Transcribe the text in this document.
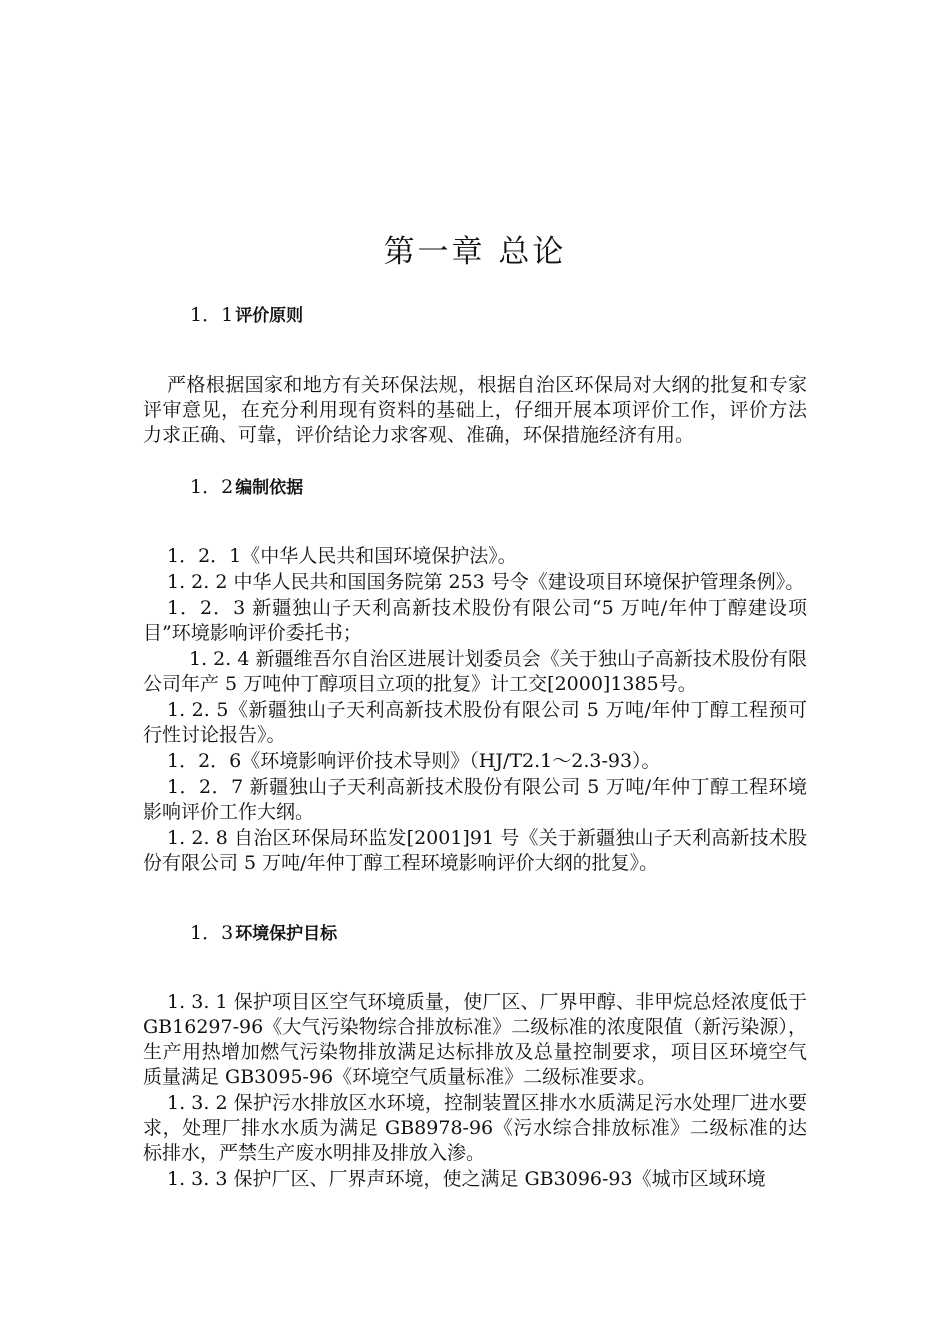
第一章 总论
1．1 评价原则

严格根据国家和地方有关环保法规，根据自治区环保局对大纲的批复和专家评审意见，在充分利用现有资料的基础上，仔细开展本项评价工作，评价方法力求正确、可靠，评价结论力求客观、准确，环保措施经济有用。

1．2 编制依据

1．2．1《中华人民共和国环境保护法》。

1. 2. 2 中华人民共和国国务院第 253 号令《建设项目环境保护管理条例》。

1．2．3 新疆独山子天利高新技术股份有限公司“5 万吨/年仲丁醇建设项目”环境影响评价委托书；

1. 2. 4 新疆维吾尔自治区进展计划委员会《关于独山子高新技术股份有限公司年产 5 万吨仲丁醇项目立项的批复》计工交[2000]1385号。

1. 2. 5《新疆独山子天利高新技术股份有限公司 5 万吨/年仲丁醇工程预可行性讨论报告》。

1．2．6《环境影响评价技术导则》（HJ/T2.1～2.3-93）。

1．2．7 新疆独山子天利高新技术股份有限公司 5 万吨/年仲丁醇工程环境影响评价工作大纲。

1. 2. 8 自治区环保局环监发[2001]91 号《关于新疆独山子天利高新技术股份有限公司 5 万吨/年仲丁醇工程环境影响评价大纲的批复》。

1．3 环境保护目标

1. 3. 1 保护项目区空气环境质量，使厂区、厂界甲醇、非甲烷总烃浓度低于 GB16297-96《大气污染物综合排放标准》二级标准的浓度限值（新污染源），生产用热增加燃气污染物排放满足达标排放及总量控制要求，项目区环境空气质量满足 GB3095-96《环境空气质量标准》二级标准要求。

1. 3. 2 保护污水排放区水环境，控制装置区排水水质满足污水处理厂进水要求，处理厂排水水质为满足 GB8978-96《污水综合排放标准》二级标准的达标排水，严禁生产废水明排及排放入渗。

1. 3. 3 保护厂区、厂界声环境，使之满足 GB3096-93《城市区域环境
